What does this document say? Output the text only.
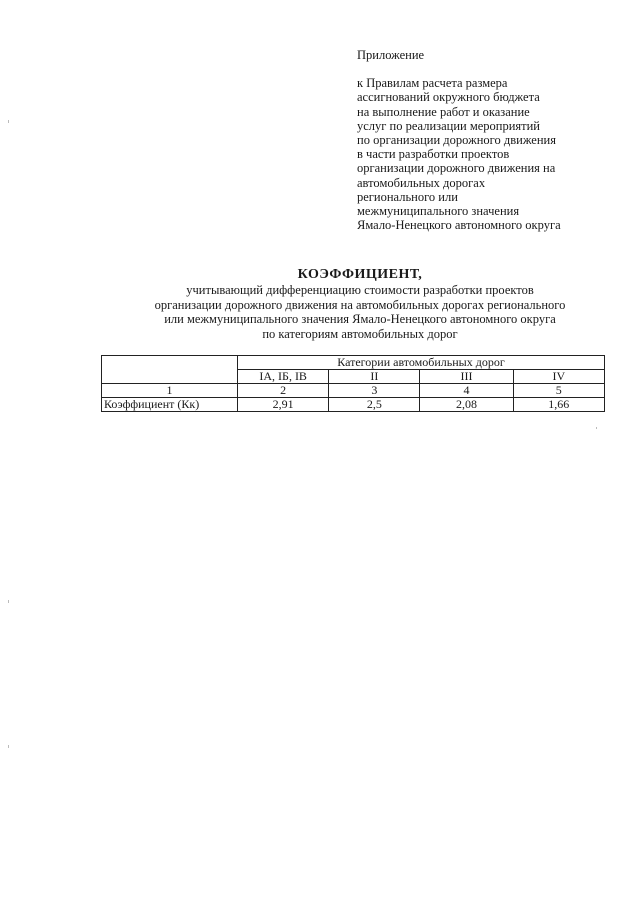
Приложение
к Правилам расчета размера
ассигнований окружного бюджета
на выполнение работ и оказание
услуг по реализации мероприятий
по организации дорожного движения
в части разработки проектов
организации дорожного движения на
автомобильных дорогах
регионального или
межмуниципального значения
Ямало-Ненецкого автономного округа
КОЭФФИЦИЕНТ,
учитывающий дифференциацию стоимости разработки проектов
организации дорожного движения на автомобильных дорогах регионального
или межмуниципального значения Ямало-Ненецкого автономного округа
по категориям автомобильных дорог
	Категории автомобильных дорог			
	IA, IБ, IB	II	III	IV
1	2	3	4	5
Коэффициент (Кк)	2,91	2,5	2,08	1,66
